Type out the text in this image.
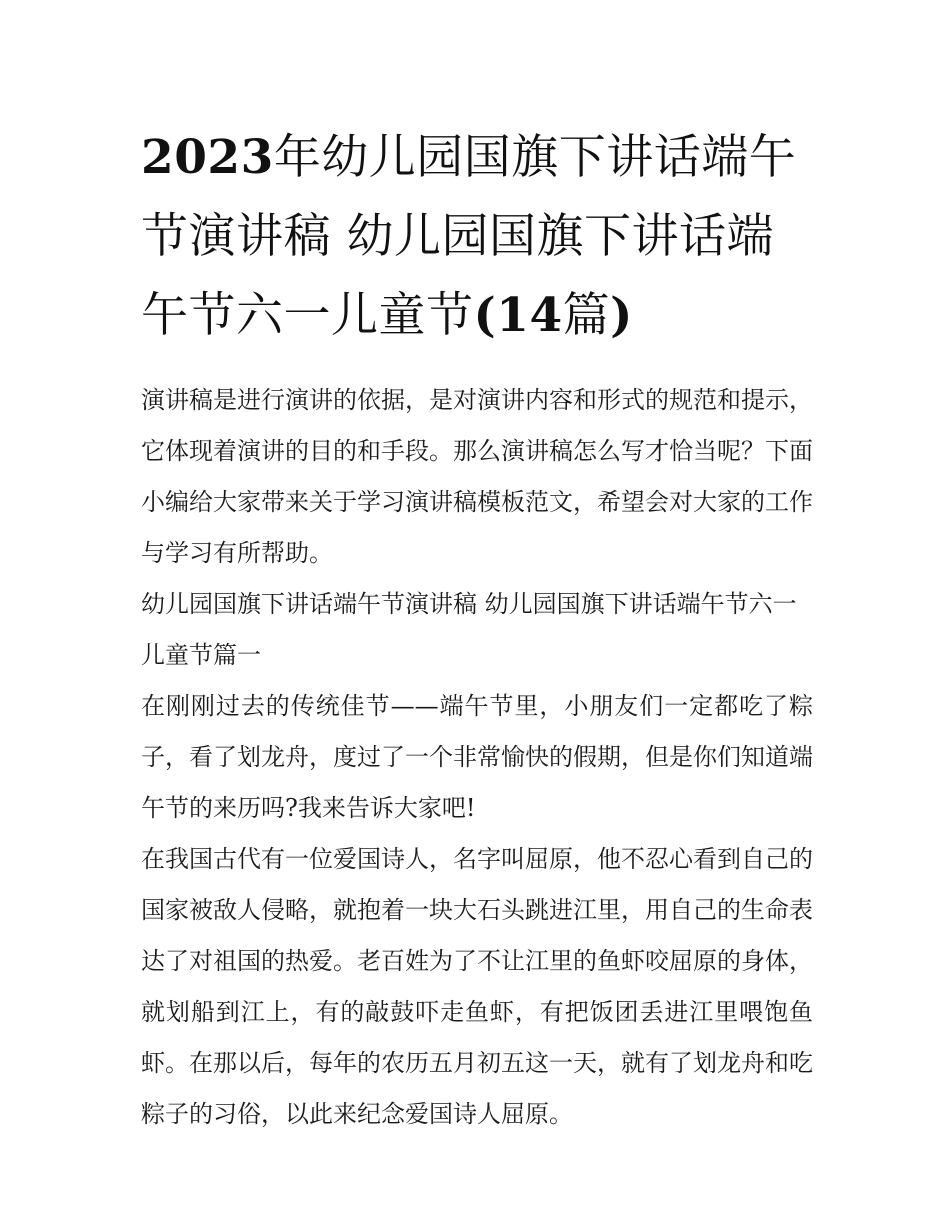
2023年幼儿园国旗下讲话端午节演讲稿 幼儿园国旗下讲话端午节六一儿童节(14篇)

演讲稿是进行演讲的依据，是对演讲内容和形式的规范和提示，它体现着演讲的目的和手段。那么演讲稿怎么写才恰当呢？下面小编给大家带来关于学习演讲稿模板范文，希望会对大家的工作与学习有所帮助。

幼儿园国旗下讲话端午节演讲稿 幼儿园国旗下讲话端午节六一儿童节篇一

在刚刚过去的传统佳节——端午节里，小朋友们一定都吃了粽子，看了划龙舟，度过了一个非常愉快的假期，但是你们知道端午节的来历吗?我来告诉大家吧!

在我国古代有一位爱国诗人，名字叫屈原，他不忍心看到自己的国家被敌人侵略，就抱着一块大石头跳进江里，用自己的生命表达了对祖国的热爱。老百姓为了不让江里的鱼虾咬屈原的身体，就划船到江上，有的敲鼓吓走鱼虾，有把饭团丢进江里喂饱鱼虾。在那以后，每年的农历五月初五这一天，就有了划龙舟和吃粽子的习俗，以此来纪念爱国诗人屈原。
